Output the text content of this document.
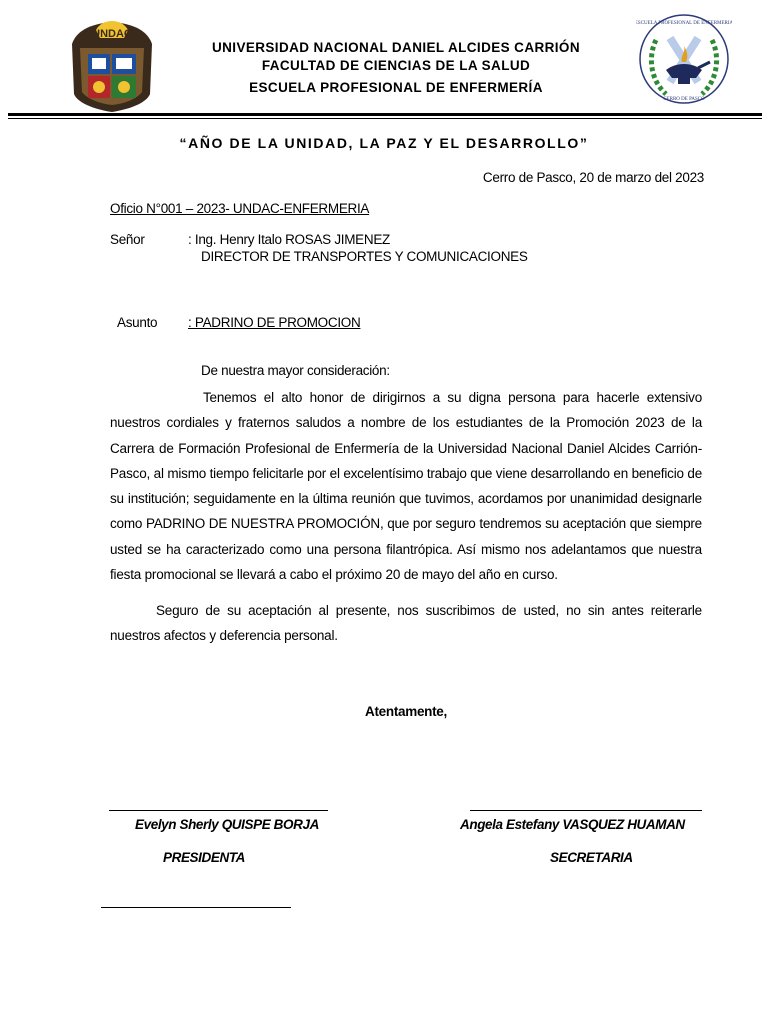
UNDAC
UNIVERSIDAD NACIONAL DANIEL ALCIDES CARRIÓN
FACULTAD DE CIENCIAS DE LA SALUD
ESCUELA PROFESIONAL DE ENFERMERÍA
ESCUELA PROFESIONAL DE ENFERMERIA
CERRO DE PASCO
“AÑO DE LA UNIDAD, LA PAZ Y EL DESARROLLO”
Cerro de Pasco, 20 de marzo del 2023
Oficio N°001 – 2023- UNDAC-ENFERMERIA
Señor	: Ing. Henry Italo ROSAS JIMENEZ
DIRECTOR DE TRANSPORTES Y COMUNICACIONES
Asunto : PADRINO DE PROMOCION
De nuestra mayor consideración:
Tenemos el alto honor de dirigirnos a su digna persona para hacerle extensivo nuestros cordiales y fraternos saludos a nombre de los estudiantes de la Promoción 2023 de la Carrera de Formación Profesional de Enfermería de la Universidad Nacional Daniel Alcides Carrión-Pasco, al mismo tiempo felicitarle por el excelentísimo trabajo que viene desarrollando en beneficio de su institución; seguidamente en la última reunión que tuvimos, acordamos por unanimidad designarle como PADRINO DE NUESTRA PROMOCIÓN, que por seguro tendremos su aceptación que siempre usted se ha caracterizado como una persona filantrópica. Así mismo nos adelantamos que nuestra fiesta promocional se llevará a cabo el próximo 20 de mayo del año en curso.
Seguro de su aceptación al presente, nos suscribimos de usted, no sin antes reiterarle nuestros afectos y deferencia personal.
Atentamente,
Evelyn Sherly QUISPE BORJA	Angela Estefany VASQUEZ HUAMAN
PRESIDENTA	SECRETARIA
